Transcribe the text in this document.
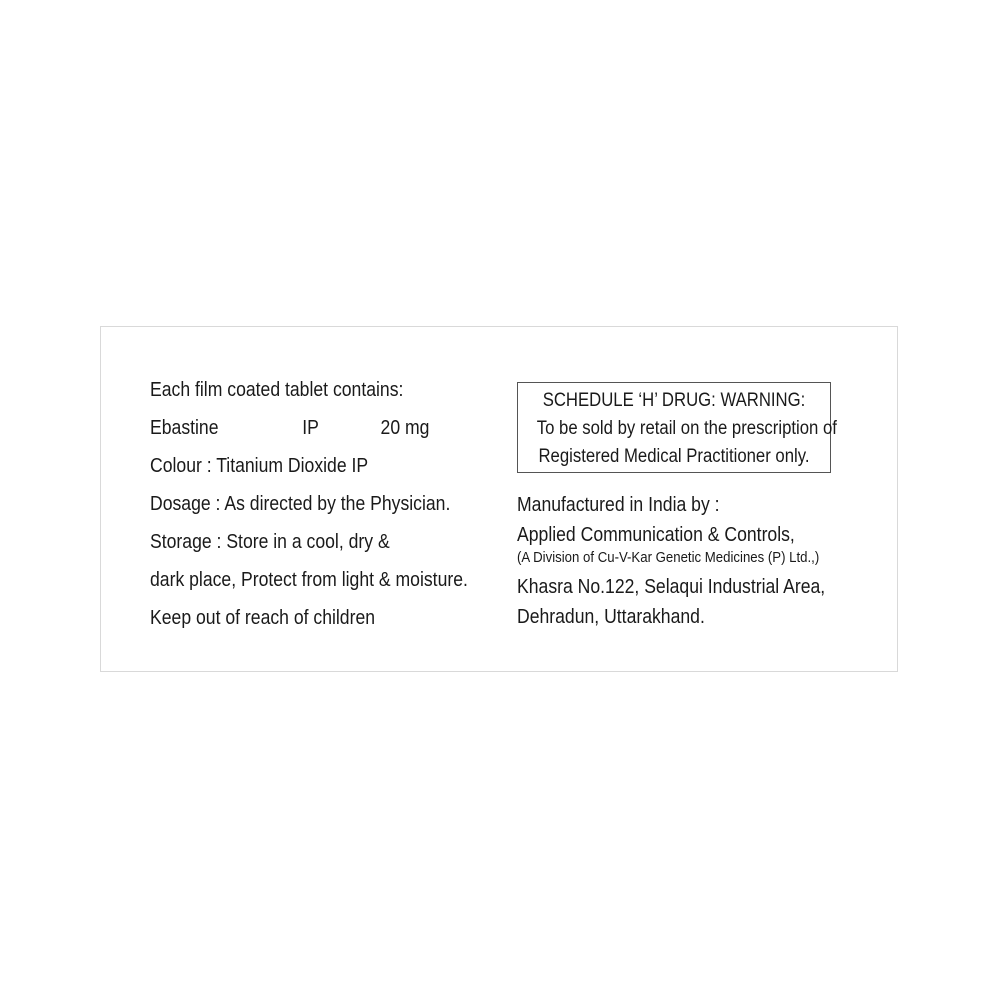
Each film coated tablet contains:
Ebastine	IP	20 mg
Colour : Titanium Dioxide IP
Dosage : As directed by the Physician.
Storage : Store in a cool, dry &
dark place, Protect from light & moisture.
Keep out of reach of children
SCHEDULE ‘H’ DRUG: WARNING:
To be sold by retail on the prescription of
Registered Medical Practitioner only.
Manufactured in India by :
Applied Communication & Controls,
(A Division of Cu-V-Kar Genetic Medicines (P) Ltd.,)
Khasra No.122, Selaqui Industrial Area,
Dehradun, Uttarakhand.
